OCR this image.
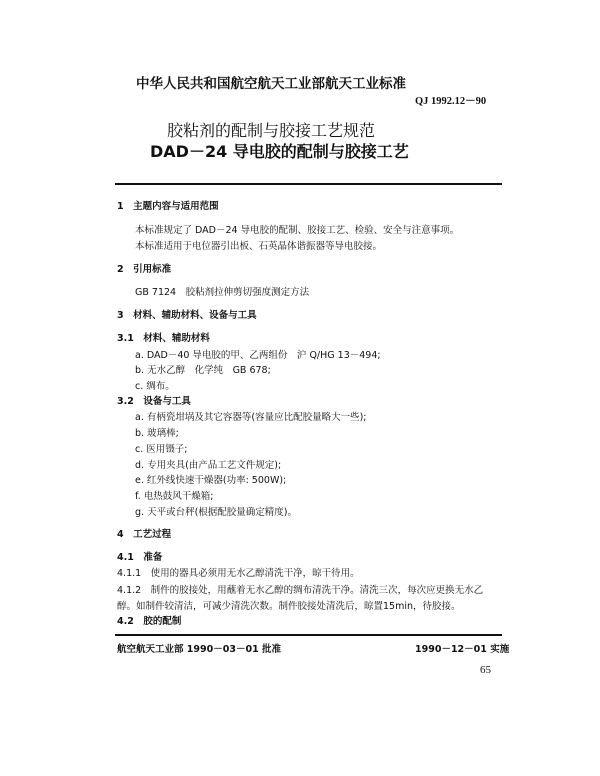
中华人民共和国航空航天工业部航天工业标准
QJ 1992.12－90
胶粘剂的配制与胶接工艺规范
DAD－24 导电胶的配制与胶接工艺
1　主题内容与适用范围
本标准规定了 DAD－24 导电胶的配制、胶接工艺、检验、安全与注意事项。
本标准适用于电位器引出板、石英晶体谐振器等导电胶接。
2　引用标准
GB 7124　胶粘剂拉伸剪切强度测定方法
3　材料、辅助材料、设备与工具
3.1　材料、辅助材料
a. DAD－40 导电胶的甲、乙两组份　沪 Q/HG 13－494;
b. 无水乙醇　化学纯　GB 678;
c. 绸布。
3.2　设备与工具
a. 有柄瓷坩埚及其它容器等(容量应比配胶量略大一些);
b. 玻璃棒;
c. 医用镊子;
d. 专用夹具(由产品工艺文件规定);
e. 红外线快速干燥器(功率: 500W);
f. 电热鼓风干燥箱;
g. 天平或台秤(根据配胶量确定精度)。
4　工艺过程
4.1　准备
4.1.1　使用的器具必须用无水乙醇清洗干净，晾干待用。
4.1.2　制件的胶接处，用蘸着无水乙醇的绸布清洗干净。清洗三次，每次应更换无水乙
醇。如制件较清洁，可减少清洗次数。制件胶接处清洗后，晾置15min，待胶接。
4.2　胶的配制
航空航天工业部 1990－03－01 批准	1990－12－01 实施
65
